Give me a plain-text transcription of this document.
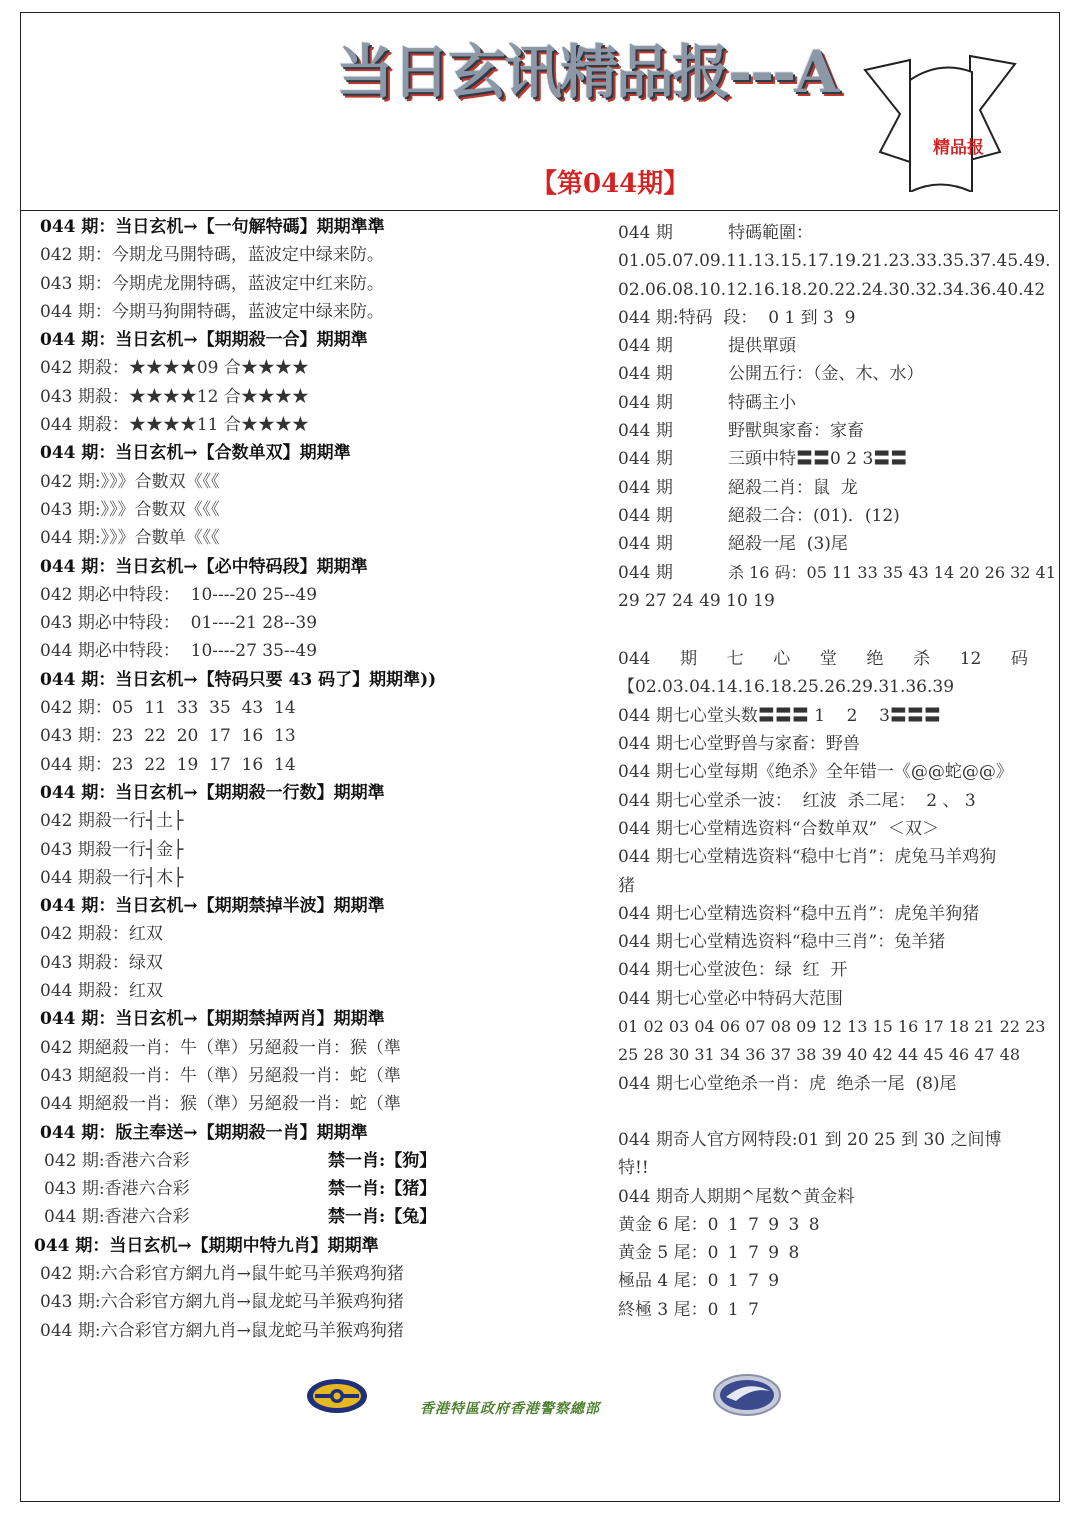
当日玄讯精品报---A
【第044期】
精品报
044 期：当日玄机→【一句解特碼】期期準準
042 期：今期龙马開特碼，蓝波定中绿来防。
043 期：今期虎龙開特碼，蓝波定中红来防。
044 期：今期马狗開特碼，蓝波定中绿来防。
044 期：当日玄机→【期期殺一合】期期準
042 期殺：★★★★09 合★★★★
043 期殺：★★★★12 合★★★★
044 期殺：★★★★11 合★★★★
044 期：当日玄机→【合数单双】期期準
042 期:》》》合數双《《《
043 期:》》》合數双《《《
044 期:》》》合數单《《《
044 期：当日玄机→【必中特码段】期期準
042 期必中特段：  10----20 25--49
043 期必中特段：  01----21 28--39
044 期必中特段：  10----27 35--49
044 期：当日玄机→【特码只要 43 码了】期期準))
042 期：05  11  33  35  43  14
043 期：23  22  20  17  16  13
044 期：23  22  19  17  16  14
044 期：当日玄机→【期期殺一行数】期期準
042 期殺一行┤土├
043 期殺一行┤金├
044 期殺一行┤木├
044 期：当日玄机→【期期禁掉半波】期期準
042 期殺：红双
043 期殺：绿双
044 期殺：红双
044 期：当日玄机→【期期禁掉两肖】期期準
042 期絕殺一肖：牛（準）另絕殺一肖：猴（準
043 期絕殺一肖：牛（準）另絕殺一肖：蛇（準
044 期絕殺一肖：猴（準）另絕殺一肖：蛇（準
044 期：版主奉送→【期期殺一肖】期期準
042 期:香港六合彩	禁一肖:【狗】
043 期:香港六合彩	禁一肖:【猪】
044 期:香港六合彩	禁一肖:【兔】
044 期：当日玄机→【期期中特九肖】期期準
042 期:六合彩官方網九肖→鼠牛蛇马羊猴鸡狗猪
043 期:六合彩官方網九肖→鼠龙蛇马羊猴鸡狗猪
044 期:六合彩官方網九肖→鼠龙蛇马羊猴鸡狗猪
044 期	特碼範圍：
01.05.07.09.11.13.15.17.19.21.23.33.35.37.45.49.
02.06.08.10.12.16.18.20.22.24.30.32.34.36.40.42
044 期:特码  段：  0 1 到 3  9
044 期	提供單頭
044 期	公開五行：（金、木、水）
044 期	特碼主小
044 期	野獸與家畜：家畜
044 期	三頭中特〓〓0 2 3〓〓
044 期	絕殺二肖：鼠  龙
044 期	絕殺二合：(01)．(12)
044 期	絕殺一尾  (3)尾
044 期	杀 16 码：05 11 33 35 43 14 20 26 32 41
29 27 24 49 10 19
044 期 七 心 堂 绝 杀 12 码
【02.03.04.14.16.18.25.26.29.31.36.39
044 期七心堂头数〓〓〓 1    2    3〓〓〓
044 期七心堂野兽与家畜：野兽
044 期七心堂每期《绝杀》全年错一《@@蛇@@》
044 期七心堂杀一波：  红波  杀二尾：  2 、 3
044 期七心堂精选资料“合数单双”  ＜双＞
044 期七心堂精选资料“稳中七肖”：虎兔马羊鸡狗
猪
044 期七心堂精选资料“稳中五肖”：虎兔羊狗猪
044 期七心堂精选资料“稳中三肖”：兔羊猪
044 期七心堂波色：绿  红  开
044 期七心堂必中特码大范围
01 02 03 04 06 07 08 09 12 13 15 16 17 18 21 22 23
25 28 30 31 34 36 37 38 39 40 42 44 45 46 47 48
044 期七心堂绝杀一肖：虎  绝杀一尾  (8)尾
044 期奇人官方网特段:01 到 20 25 到 30 之间博
特!!
044 期奇人期期^尾数^黄金料
黄金 6 尾：0 1 7 9 3 8
黄金 5 尾：0 1 7 9 8
極品 4 尾：0 1 7 9
終極 3 尾：0 1 7
香港特區政府香港警察總部
